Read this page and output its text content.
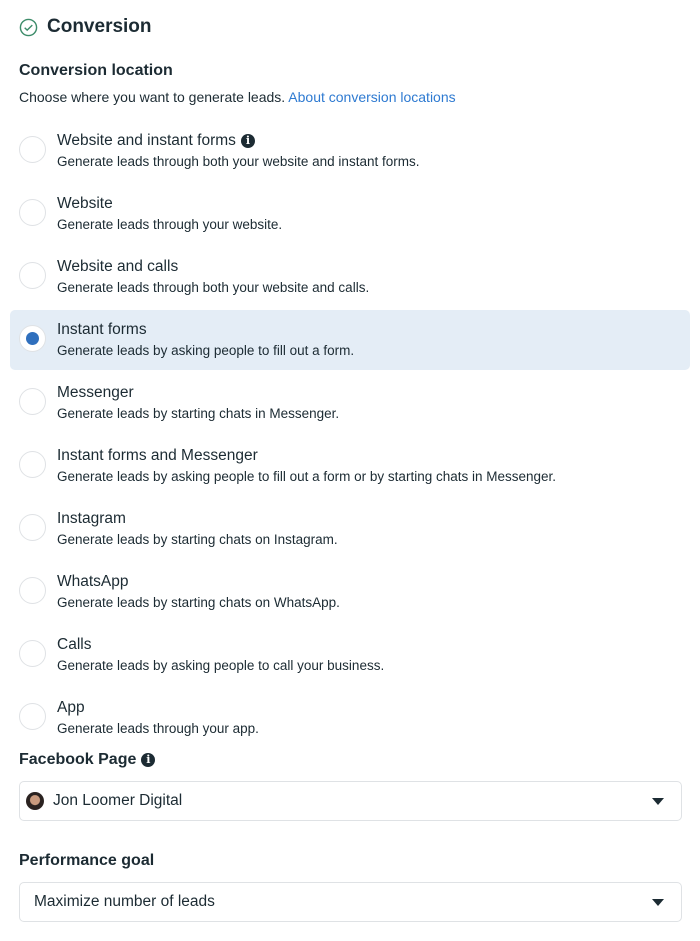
Conversion
Conversion location
Choose where you want to generate leads. About conversion locations
Website and instant forms i
Generate leads through both your website and instant forms.
Website
Generate leads through your website.
Website and calls
Generate leads through both your website and calls.
Instant forms
Generate leads by asking people to fill out a form.
Messenger
Generate leads by starting chats in Messenger.
Instant forms and Messenger
Generate leads by asking people to fill out a form or by starting chats in Messenger.
Instagram
Generate leads by starting chats on Instagram.
WhatsApp
Generate leads by starting chats on WhatsApp.
Calls
Generate leads by asking people to call your business.
App
Generate leads through your app.
Facebook Page i
Jon Loomer Digital
Performance goal
Maximize number of leads
